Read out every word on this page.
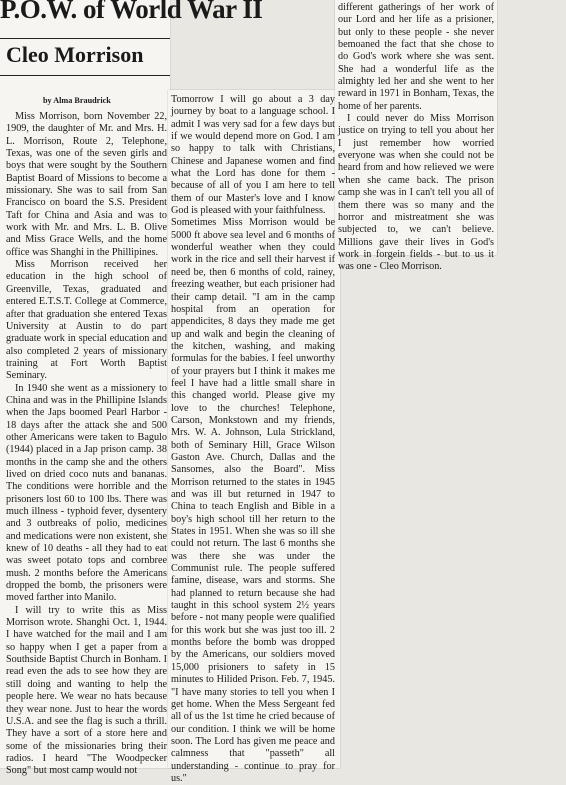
P.O.W. of World War II
Cleo Morrison
by Alma Braudrick

Miss Morrison, born November 22, 1909, the daughter of Mr. and Mrs. H. L. Morrison, Route 2, Telephone, Texas, was one of the seven girls and boys that were sought by the Southern Baptist Board of Missions to become a missionary. She was to sail from San Francisco on board the S.S. President Taft for China and Asia and was to work with Mr. and Mrs. L. B. Olive and Miss Grace Wells, and the home office was Shanghi in the Phillipines.

Miss Morrison received her education in the high school of Greenville, Texas, graduated and entered E.T.S.T. College at Commerce, after that graduation she entered Texas University at Austin to do part graduate work in special education and also completed 2 years of missionary training at Fort Worth Baptist Seminary.

In 1940 she went as a missionery to China and was in the Phillipine Islands when the Japs boomed Pearl Harbor - 18 days after the attack she and 500 other Americans were taken to Bagulo (1944) placed in a Jap prison camp. 38 months in the camp she and the others lived on dried coco nuts and bananas. The conditions were horrible and the prisoners lost 60 to 100 lbs. There was much illness - typhoid fever, dysentery and 3 outbreaks of polio, medicines and medications were non existent, she knew of 10 deaths - all they had to eat was sweet potato tops and cornbree mush. 2 months before the Americans dropped the bomb, the prisoners were moved farther into Manilo.

I will try to write this as Miss Morrison wrote. Shanghi Oct. 1, 1944. I have watched for the mail and I am so happy when I get a paper from a Southside Baptist Church in Bonham. I read even the ads to see how they are still doing and wanting to help the people here. We wear no hats because they wear none. Just to hear the words U.S.A. and see the flag is such a thrill. They have a sort of a store here and some of the missionaries bring their radios. I heard "The Woodpecker Song" but most camp would not

Tomorrow I will go about a 3 day journey by boat to a language school. I admit I was very sad for a few days but if we would depend more on God. I am so happy to talk with Christians, Chinese and Japanese women and find what the Lord has done for them - because of all of you I am here to tell them of our Master's love and I know God is pleased with your faithfulness.

Sometimes Miss Morrison would be 5000 ft above sea level and 6 months of wonderful weather when they could work in the rice and sell their harvest if need be, then 6 months of cold, rainey, freezing weather, but each prisioner had their camp detail. "I am in the camp hospital from an operation for appendicites, 8 days they made me get up and walk and begin the cleaning of the kitchen, washing, and making formulas for the babies. I feel unworthy of your prayers but I think it makes me feel I have had a little small share in this changed world. Please give my love to the churches! Telephone, Carson, Monkstown and my friends, Mrs. W. A. Johnson, Lula Strickland, both of Seminary Hill, Grace Wilson Gaston Ave. Church, Dallas and the Sansomes, also the Board". Miss Morrison returned to the states in 1945 and was ill but returned in 1947 to China to teach English and Bible in a boy's high school till her return to the States in 1951. When she was so ill she could not return. The last 6 months she was there she was under the Communist rule. The people suffered famine, disease, wars and storms. She had planned to return because she had taught in this school system 2½ years before - not many people were qualified for this work but she was just too ill. 2 months before the bomb was dropped by the Americans, our soldiers moved 15,000 prisioners to safety in 15 minutes to Hilided Prison. Feb. 7, 1945. "I have many stories to tell you when I get home. When the Mess Sergeant fed all of us the 1st time he cried because of our condition. I think we will be home soon. The Lord has given me peace and calmness that "passeth" all understanding - continue to pray for us."

different gatherings of her work of our Lord and her life as a prisioner, but only to these people - she never bemoaned the fact that she chose to do God's work where she was sent. She had a wonderful life as the almighty led her and she went to her reward in 1971 in Bonham, Texas, the home of her parents.

I could never do Miss Morrison justice on trying to tell you about her I just remember how worried everyone was when she could not be heard from and how relieved we were when she came back. The prison camp she was in I can't tell you all of them there was so many and the horror and mistreatment she was subjected to, we can't believe. Millions gave their lives in God's work in forgein fields - but to us it was one - Cleo Morrison.
